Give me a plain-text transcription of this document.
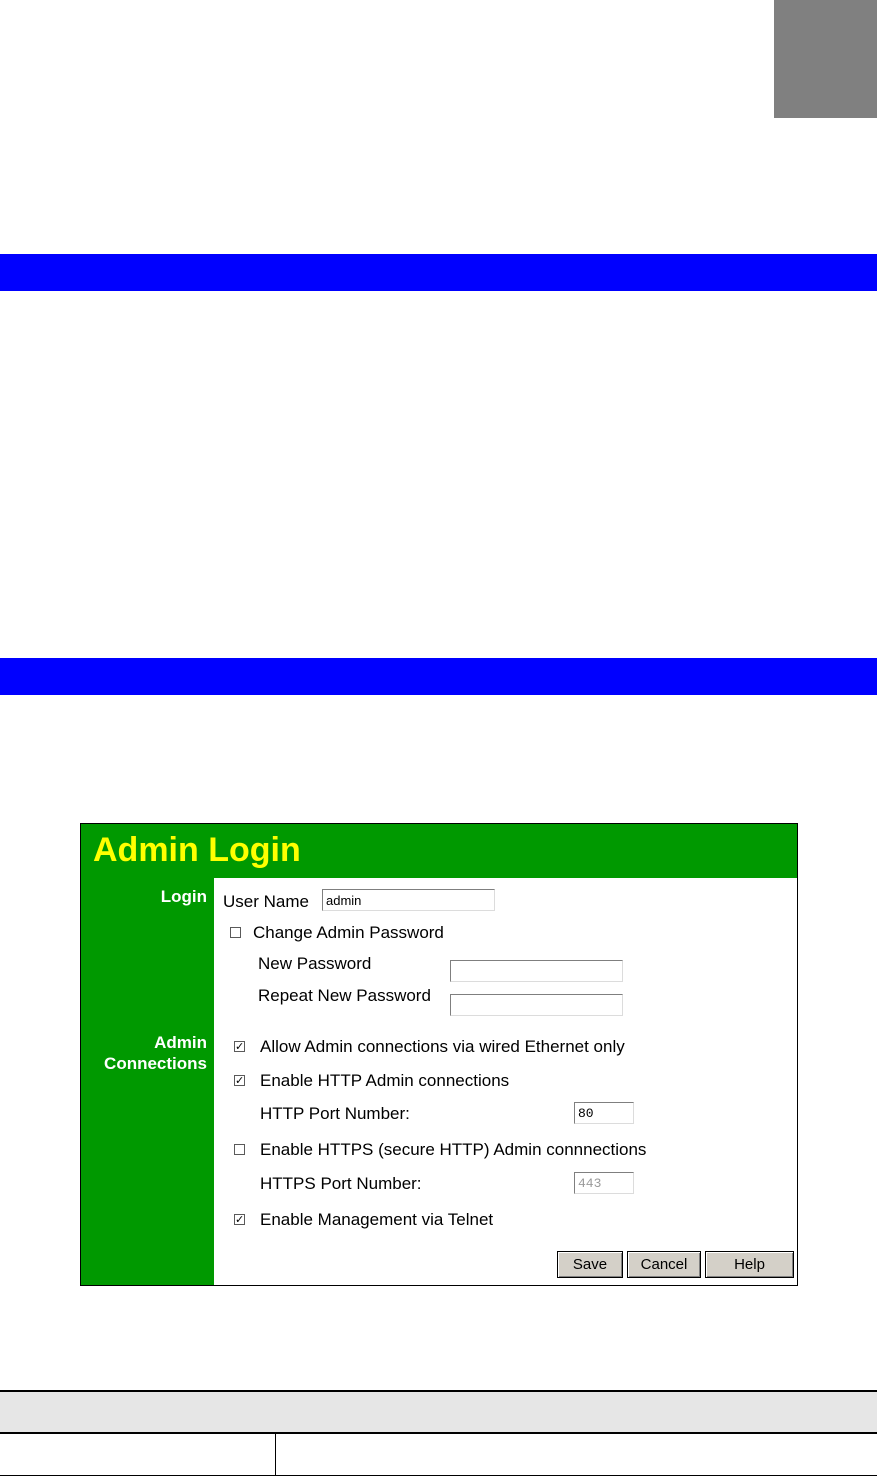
Admin Login
Login
Admin
Connections
User Name
admin
Change Admin Password
New Password
Repeat New Password
✓ Allow Admin connections via wired Ethernet only
✓ Enable HTTP Admin connections
HTTP Port Number:
80
Enable HTTPS (secure HTTP) Admin connnections
HTTPS Port Number:
443
✓ Enable Management via Telnet
Save	Cancel	Help
